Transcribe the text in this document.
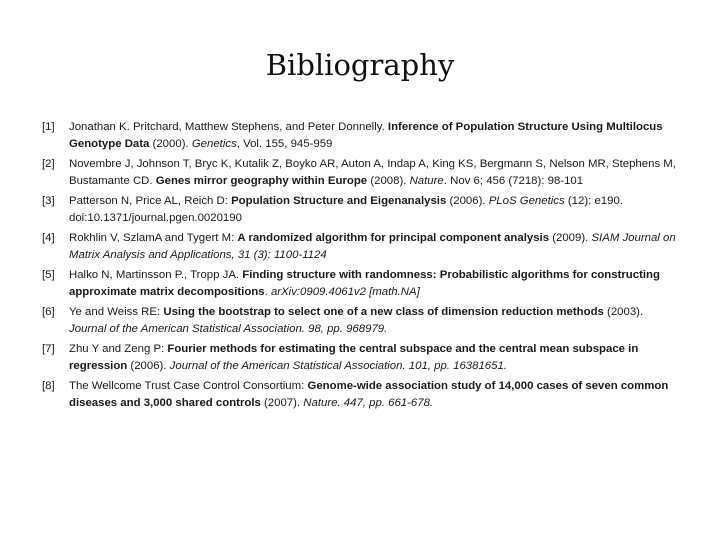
Bibliography
[1] Jonathan K. Pritchard, Matthew Stephens, and Peter Donnelly. Inference of Population Structure Using Multilocus Genotype Data (2000). Genetics, Vol. 155, 945-959
[2] Novembre J, Johnson T, Bryc K, Kutalik Z, Boyko AR, Auton A, Indap A, King KS, Bergmann S, Nelson MR, Stephens M, Bustamante CD. Genes mirror geography within Europe (2008). Nature. Nov 6; 456 (7218): 98-101
[3] Patterson N, Price AL, Reich D: Population Structure and Eigenanalysis (2006). PLoS Genetics (12): e190. doi:10.1371/journal.pgen.0020190
[4] Rokhlin V, SzlamA and Tygert M: A randomized algorithm for principal component analysis (2009). SIAM Journal on Matrix Analysis and Applications, 31 (3): 1100-1124
[5] Halko N, Martinsson P., Tropp JA. Finding structure with randomness: Probabilistic algorithms for constructing approximate matrix decompositions. arXiv:0909.4061v2 [math.NA]
[6] Ye and Weiss RE: Using the bootstrap to select one of a new class of dimension reduction methods (2003). Journal of the American Statistical Association. 98, pp. 968979.
[7] Zhu Y and Zeng P: Fourier methods for estimating the central subspace and the central mean subspace in regression (2006). Journal of the American Statistical Association. 101, pp. 16381651.
[8] The Wellcome Trust Case Control Consortium: Genome-wide association study of 14,000 cases of seven common diseases and 3,000 shared controls (2007). Nature. 447, pp. 661-678.
